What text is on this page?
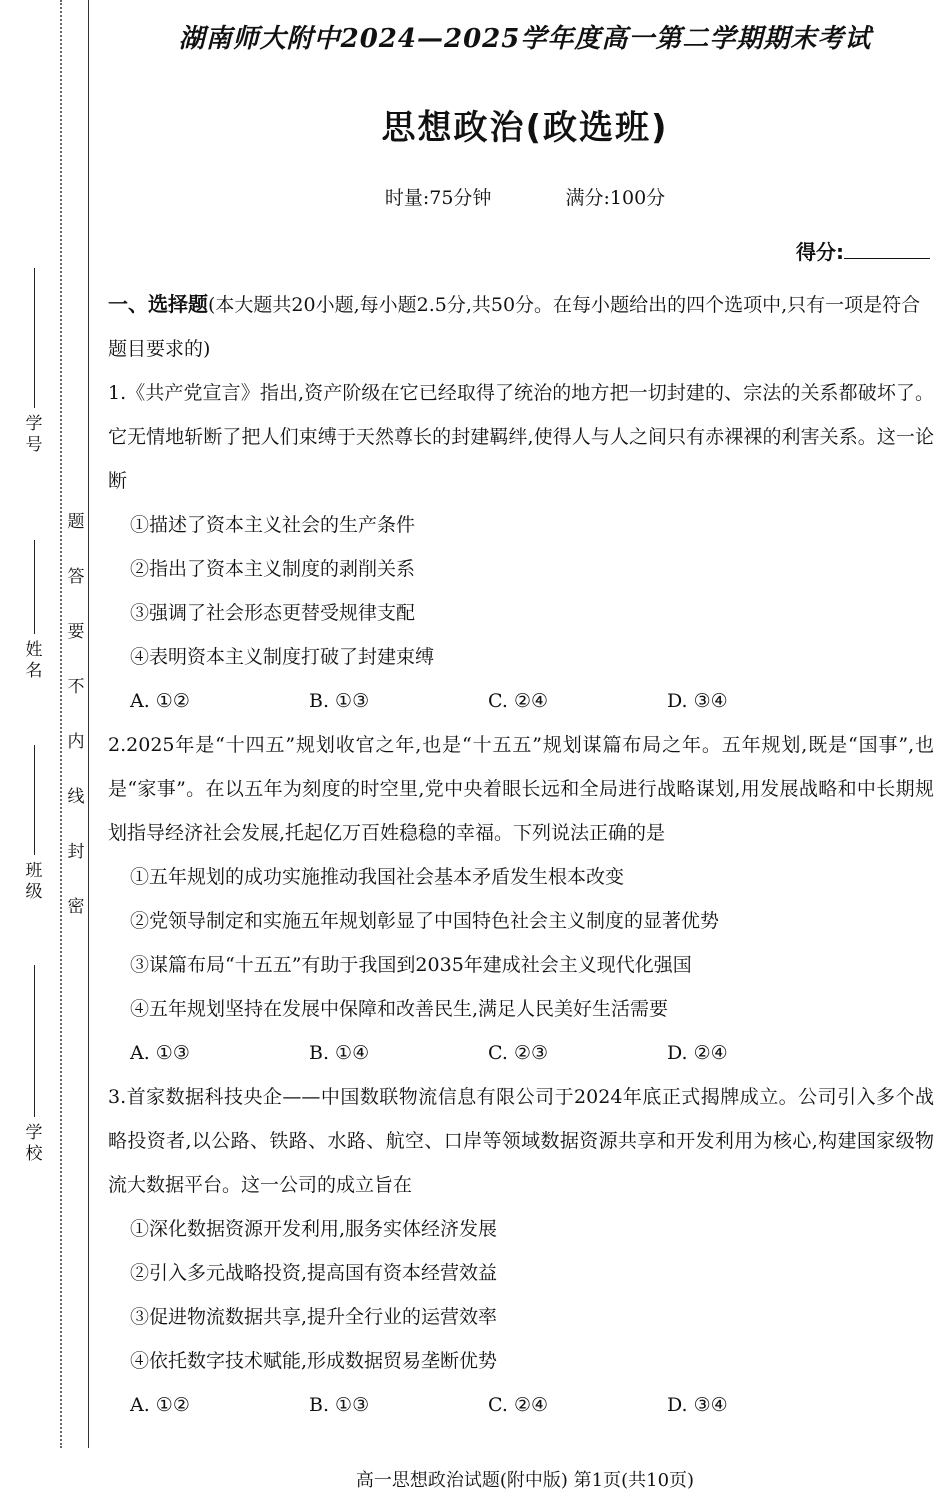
学号
姓名
班级
学校
题
答
要
不
内
线
封
密
湖南师大附中2024—2025学年度高一第二学期期末考试
思想政治(政选班)
时量:75分钟	满分:100分
得分:
一、选择题(本大题共20小题,每小题2.5分,共50分。在每小题给出的四个选项中,只有一项是符合题目要求的)
1.《共产党宣言》指出,资产阶级在它已经取得了统治的地方把一切封建的、宗法的关系都破坏了。它无情地斩断了把人们束缚于天然尊长的封建羁绊,使得人与人之间只有赤裸裸的利害关系。这一论断
①描述了资本主义社会的生产条件
②指出了资本主义制度的剥削关系
③强调了社会形态更替受规律支配
④表明资本主义制度打破了封建束缚
A. ①②	B. ①③	C. ②④	D. ③④
2.2025年是“十四五”规划收官之年,也是“十五五”规划谋篇布局之年。五年规划,既是“国事”,也是“家事”。在以五年为刻度的时空里,党中央着眼长远和全局进行战略谋划,用发展战略和中长期规划指导经济社会发展,托起亿万百姓稳稳的幸福。下列说法正确的是
①五年规划的成功实施推动我国社会基本矛盾发生根本改变
②党领导制定和实施五年规划彰显了中国特色社会主义制度的显著优势
③谋篇布局“十五五”有助于我国到2035年建成社会主义现代化强国
④五年规划坚持在发展中保障和改善民生,满足人民美好生活需要
A. ①③	B. ①④	C. ②③	D. ②④
3.首家数据科技央企——中国数联物流信息有限公司于2024年底正式揭牌成立。公司引入多个战略投资者,以公路、铁路、水路、航空、口岸等领域数据资源共享和开发利用为核心,构建国家级物流大数据平台。这一公司的成立旨在
①深化数据资源开发利用,服务实体经济发展
②引入多元战略投资,提高国有资本经营效益
③促进物流数据共享,提升全行业的运营效率
④依托数字技术赋能,形成数据贸易垄断优势
A. ①②	B. ①③	C. ②④	D. ③④
高一思想政治试题(附中版) 第1页(共10页)
